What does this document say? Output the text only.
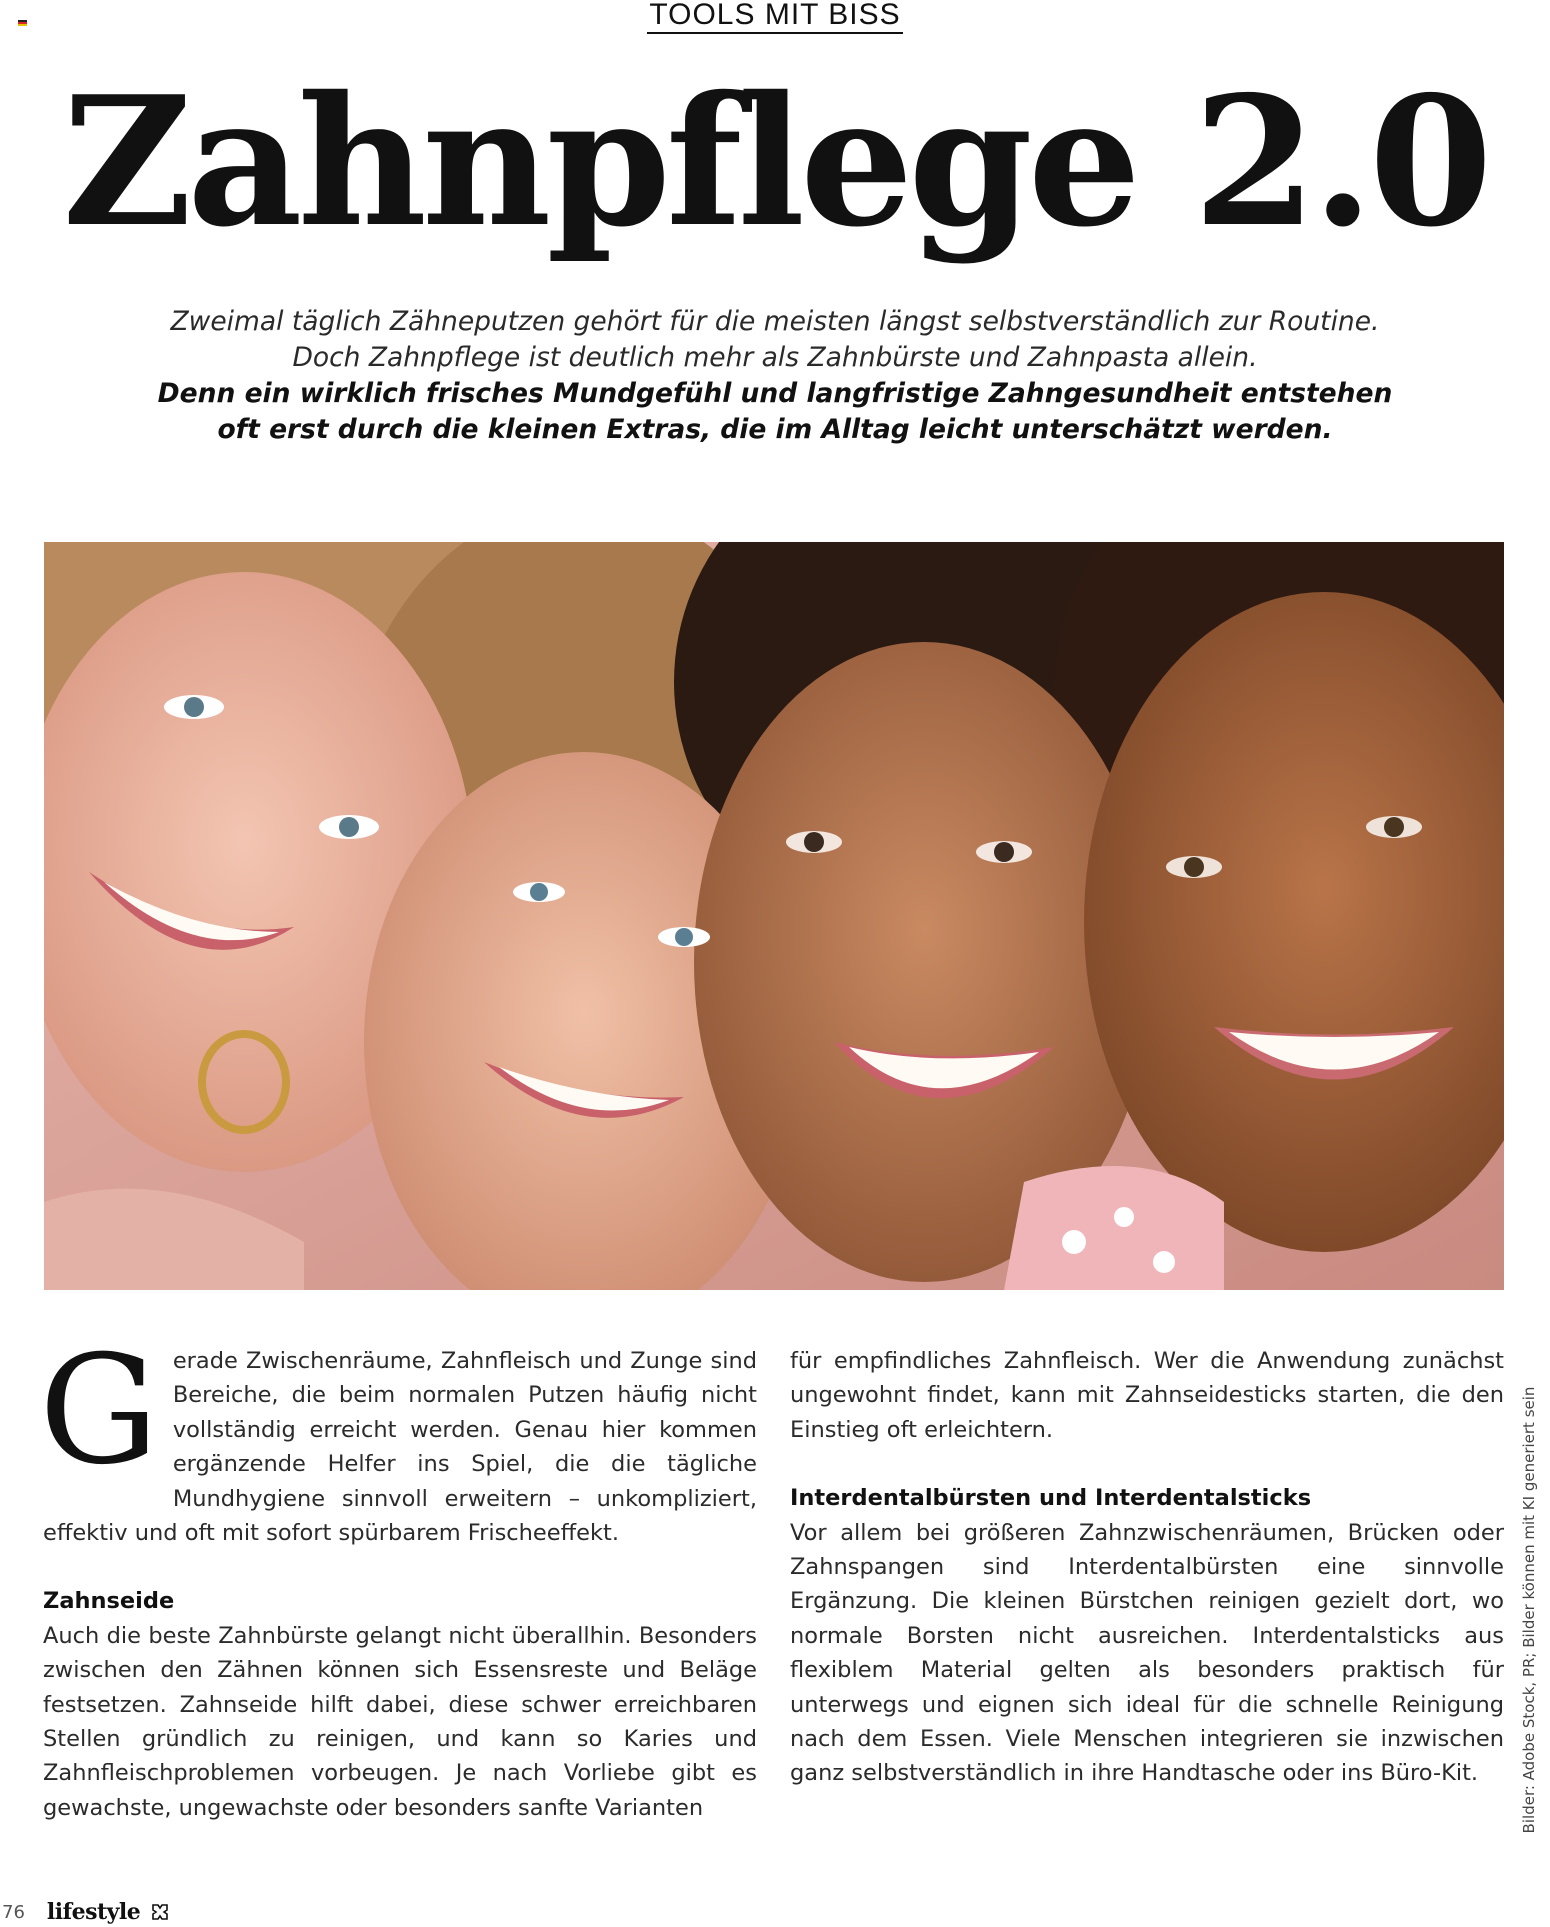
TOOLS MIT BISS
Zahnpflege 2.0
Zweimal täglich Zähneputzen gehört für die meisten längst selbstverständlich zur Routine.
Doch Zahnpflege ist deutlich mehr als Zahnbürste und Zahnpasta allein.
Denn ein wirklich frisches Mundgefühl und langfristige Zahngesundheit entstehen
oft erst durch die kleinen Extras, die im Alltag leicht unterschätzt werden.

Gerade Zwischenräume, Zahnfleisch und Zunge sind Bereiche, die beim normalen Putzen häufig nicht vollständig erreicht werden. Genau hier kommen ergänzende Helfer ins Spiel, die die tägliche Mundhygiene sinnvoll erweitern – unkompliziert, effektiv und oft mit sofort spürbarem Frischeeffekt.

Zahnseide

Auch die beste Zahnbürste gelangt nicht überallhin. Besonders zwischen den Zähnen können sich Essensreste und Beläge festsetzen. Zahnseide hilft dabei, diese schwer erreichbaren Stellen gründlich zu reinigen, und kann so Karies und Zahnfleischproblemen vorbeugen. Je nach Vorliebe gibt es gewachste, ungewachste oder besonders sanfte Varianten

für empfindliches Zahnfleisch. Wer die Anwendung zunächst ungewohnt findet, kann mit Zahnseidesticks starten, die den Einstieg oft erleichtern.

Interdentalbürsten und Interdentalsticks

Vor allem bei größeren Zahnzwischenräumen, Brücken oder Zahnspangen sind Interdentalbürsten eine sinnvolle Ergänzung. Die kleinen Bürstchen reinigen gezielt dort, wo normale Borsten nicht ausreichen. Interdentalsticks aus flexiblem Material gelten als besonders praktisch für unterwegs und eignen sich ideal für die schnelle Reinigung nach dem Essen. Viele Menschen integrieren sie inzwischen ganz selbstverständlich in ihre Handtasche oder ins Büro-Kit.	Bilder: Adobe Stock, PR; Bilder können mit KI generiert sein
76 lifestyle
